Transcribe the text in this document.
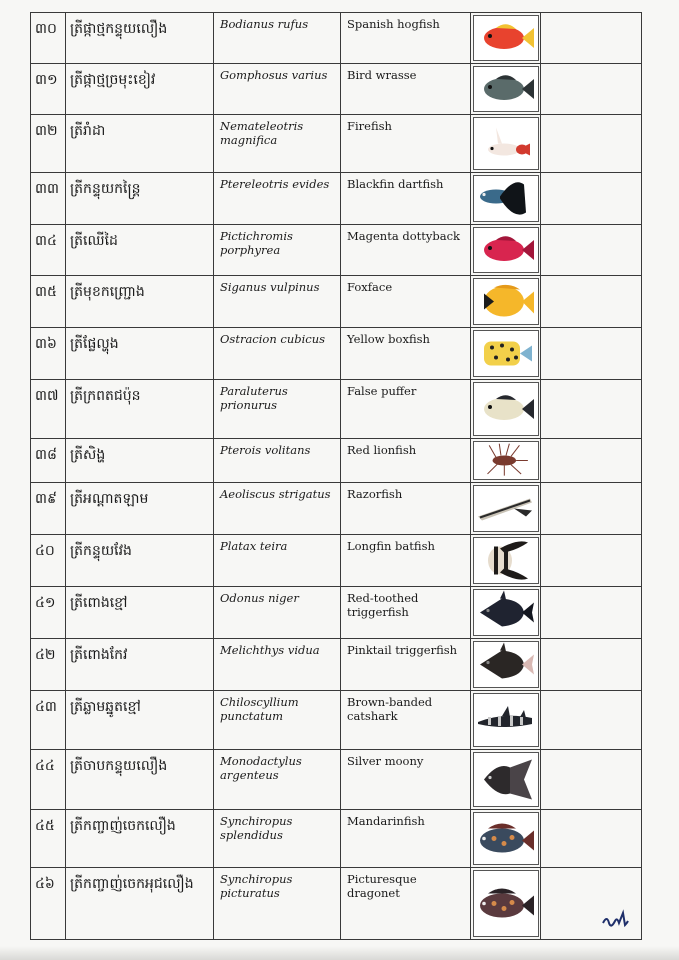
៣០	ត្រីផ្កាថ្មកន្ទុយលឿង	Bodianus rufus	Spanish hogfish	

៣១	ត្រីផ្កាថ្មច្រមុះខៀវ	Gomphosus varius	Bird wrasse	

៣២	ត្រីរាំដា	Nemateleotris magnifica	Firefish	

៣៣	ត្រីកន្ទុយកន្ត្រៃ	Ptereleotris evides	Blackfin dartfish	

៣៤	ត្រីឈើដៃ	Pictichromis porphyrea	Magenta dottyback	

៣៥	ត្រីមុខកញ្ជ្រោង	Siganus vulpinus	Foxface	

៣៦	ត្រីផ្លែល្ហុង	Ostracion cubicus	Yellow boxfish	

៣៧	ត្រីក្រពតជប៉ុន	Paraluterus prionurus	False puffer	

៣៨	ត្រីសិង្ហ	Pterois volitans	Red lionfish	

៣៩	ត្រីអណ្ដាតឡាម	Aeoliscus strigatus	Razorfish	

៤០	ត្រីកន្ទុយវែង	Platax teira	Longfin batfish	

៤១	ត្រីពោងខ្មៅ	Odonus niger	Red-toothed triggerfish	

៤២	ត្រីពោងកែវ	Melichthys vidua	Pinktail triggerfish	

៤៣	ត្រីឆ្លាមឆ្នូតខ្មៅ	Chiloscyllium punctatum	Brown-banded catshark	

៤៤	ត្រីចាបកន្ទុយលឿង	Monodactylus argenteus	Silver moony	

៤៥	ត្រីកញ្ចាញ់ចេកលឿង	Synchiropus splendidus	Mandarinfish	

៤៦	ត្រីកញ្ចាញ់ចេកអុជលឿង	Synchiropus picturatus	Picturesque dragonet	
